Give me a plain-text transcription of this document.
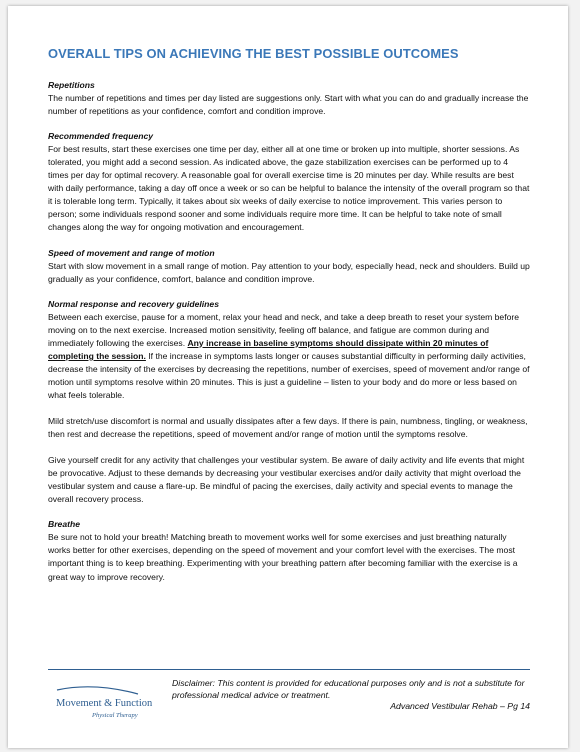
OVERALL TIPS ON ACHIEVING THE BEST POSSIBLE OUTCOMES

Repetitions

The number of repetitions and times per day listed are suggestions only. Start with what you can do and gradually increase the number of repetitions as your confidence, comfort and condition improve.

Recommended frequency

For best results, start these exercises one time per day, either all at one time or broken up into multiple, shorter sessions. As tolerated, you might add a second session. As indicated above, the gaze stabilization exercises can be performed up to 4 times per day for optimal recovery. A reasonable goal for overall exercise time is 20 minutes per day. While results are best with daily performance, taking a day off once a week or so can be helpful to balance the intensity of the overall program so that it is tolerable long term. Typically, it takes about six weeks of daily exercise to notice improvement. This varies person to person; some individuals respond sooner and some individuals require more time. It can be helpful to take note of small changes along the way for ongoing motivation and encouragement.

Speed of movement and range of motion

Start with slow movement in a small range of motion. Pay attention to your body, especially head, neck and shoulders. Build up gradually as your confidence, comfort, balance and condition improve.

Normal response and recovery guidelines

Between each exercise, pause for a moment, relax your head and neck, and take a deep breath to reset your system before moving on to the next exercise. Increased motion sensitivity, feeling off balance, and fatigue are common during and immediately following the exercises. Any increase in baseline symptoms should dissipate within 20 minutes of completing the session. If the increase in symptoms lasts longer or causes substantial difficulty in performing daily activities, decrease the intensity of the exercises by decreasing the repetitions, number of exercises, speed of movement and/or range of motion until symptoms resolve within 20 minutes. This is just a guideline – listen to your body and do more or less based on what feels tolerable.

Mild stretch/use discomfort is normal and usually dissipates after a few days. If there is pain, numbness, tingling, or weakness, then rest and decrease the repetitions, speed of movement and/or range of motion until the symptoms resolve.

Give yourself credit for any activity that challenges your vestibular system. Be aware of daily activity and life events that might be provocative. Adjust to these demands by decreasing your vestibular exercises and/or daily activity that might overload the vestibular system and cause a flare-up. Be mindful of pacing the exercises, daily activity and special events to manage the overall recovery process.

Breathe

Be sure not to hold your breath! Matching breath to movement works well for some exercises and just breathing naturally works better for other exercises, depending on the speed of movement and your comfort level with the exercises. The most important thing is to keep breathing. Experimenting with your breathing pattern after becoming familiar with the exercise is a great way to improve recovery.

Movement & Function
Physical Therapy
Disclaimer: This content is provided for educational purposes only and is not a substitute for professional medical advice or treatment.
Advanced Vestibular Rehab – Pg 14
